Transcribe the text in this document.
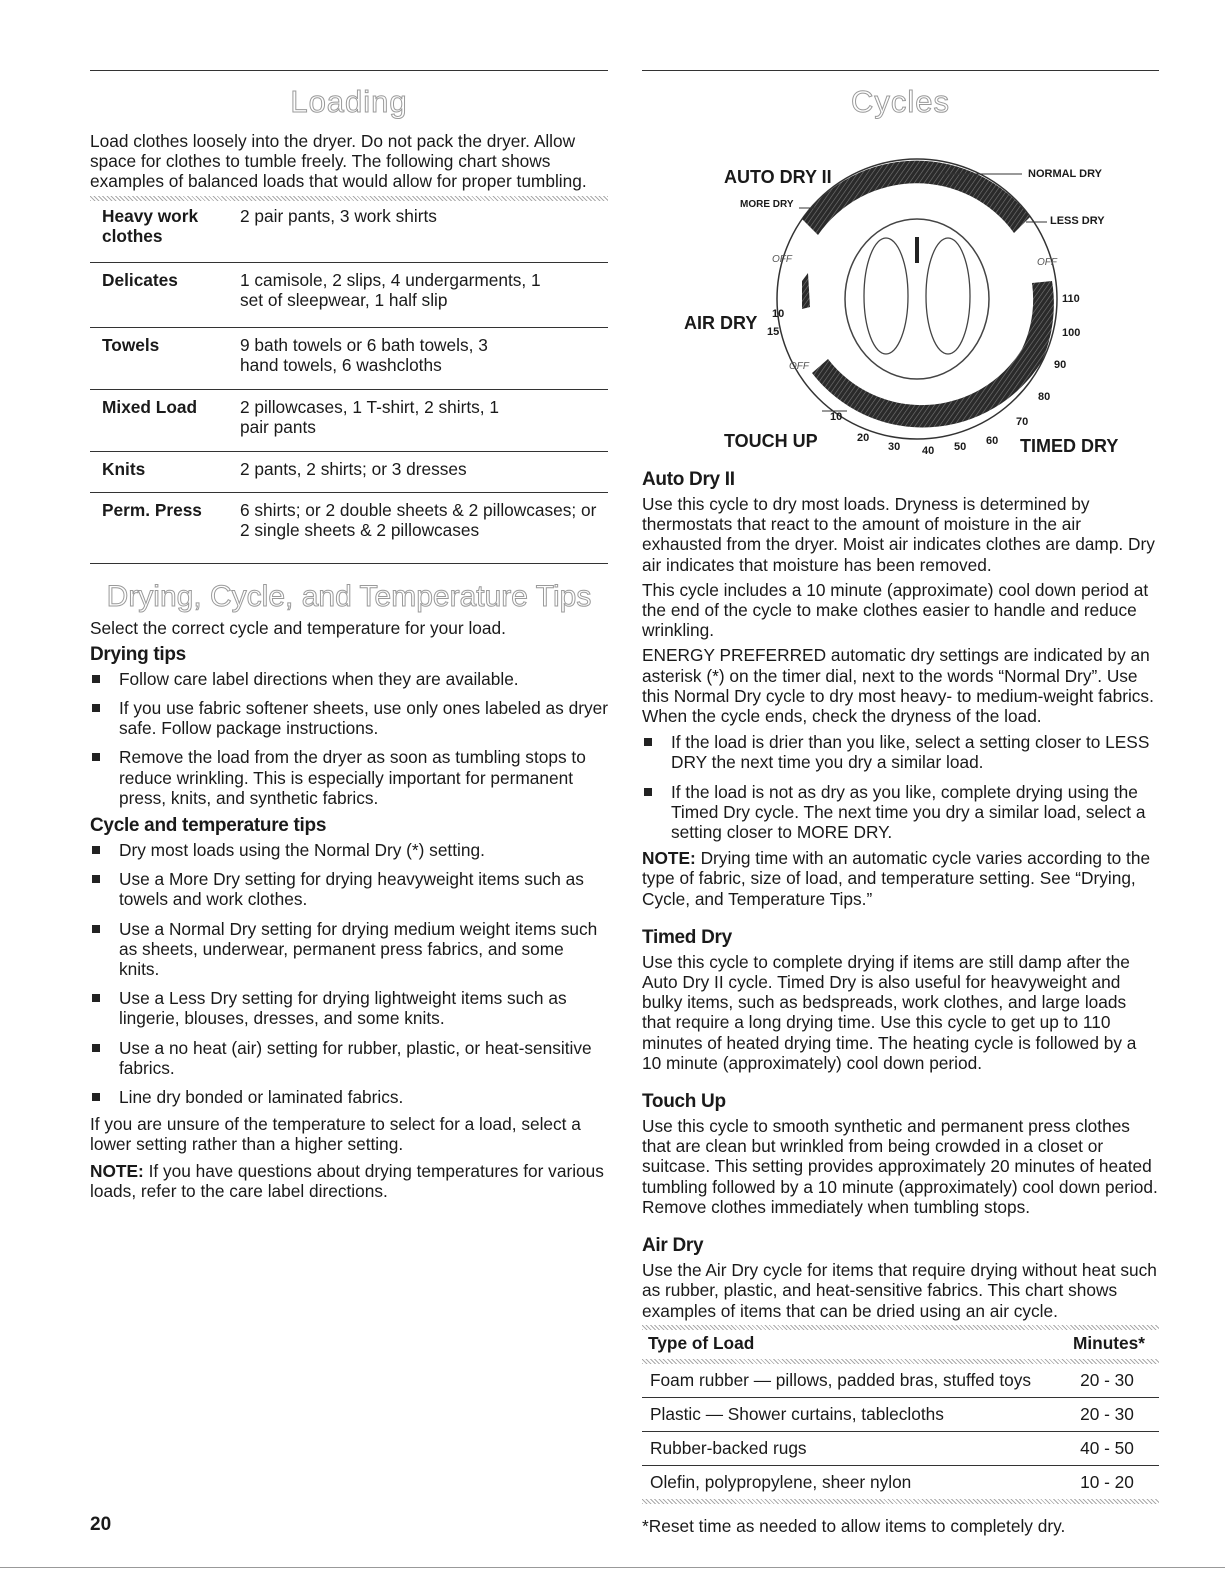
Loading

Load clothes loosely into the dryer. Do not pack the dryer. Allow space for clothes to tumble freely. The following chart shows examples of balanced loads that would allow for proper tumbling.

Heavy work clothes	2 pair pants, 3 work shirts
Delicates	1 camisole, 2 slips, 4 undergarments, 1 set of sleepwear, 1 half slip
Towels	9 bath towels or 6 bath towels, 3 hand towels, 6 washcloths
Mixed Load	2 pillowcases, 1 T-shirt, 2 shirts, 1 pair pants
Knits	2 pants, 2 shirts; or 3 dresses
Perm. Press	6 shirts; or 2 double sheets & 2 pillowcases; or 2 single sheets & 2 pillowcases
Drying, Cycle, and Temperature Tips

Select the correct cycle and temperature for your load.

Drying tips
Follow care label directions when they are available.
If you use fabric softener sheets, use only ones labeled as dryer safe. Follow package instructions.
Remove the load from the dryer as soon as tumbling stops to reduce wrinkling. This is especially important for permanent press, knits, and synthetic fabrics.
Cycle and temperature tips
Dry most loads using the Normal Dry (*) setting.
Use a More Dry setting for drying heavyweight items such as towels and work clothes.
Use a Normal Dry setting for drying medium weight items such as sheets, underwear, permanent press fabrics, and some knits.
Use a Less Dry setting for drying lightweight items such as lingerie, blouses, dresses, and some knits.
Use a no heat (air) setting for rubber, plastic, or heat-sensitive fabrics.
Line dry bonded or laminated fabrics.

If you are unsure of the temperature to select for a load, select a lower setting rather than a higher setting.

NOTE: If you have questions about drying temperatures for various loads, refer to the care label directions.

Cycles
AUTO DRY II
MORE DRY
NORMAL DRY
LESS DRY
OFF	OFF
OFF
AIR DRY 10
15
110
100
90
80
70
60
50
40
30
20
10
TOUCH UP	TIMED DRY
Auto Dry II

Use this cycle to dry most loads. Dryness is determined by thermostats that react to the amount of moisture in the air exhausted from the dryer. Moist air indicates clothes are damp. Dry air indicates that moisture has been removed.

This cycle includes a 10 minute (approximate) cool down period at the end of the cycle to make clothes easier to handle and reduce wrinkling.

ENERGY PREFERRED automatic dry settings are indicated by an asterisk (*) on the timer dial, next to the words “Normal Dry”. Use this Normal Dry cycle to dry most heavy- to medium-weight fabrics. When the cycle ends, check the dryness of the load.

If the load is drier than you like, select a setting closer to LESS DRY the next time you dry a similar load.
If the load is not as dry as you like, complete drying using the Timed Dry cycle. The next time you dry a similar load, select a setting closer to MORE DRY.

NOTE: Drying time with an automatic cycle varies according to the type of fabric, size of load, and temperature setting. See “Drying, Cycle, and Temperature Tips.”

Timed Dry

Use this cycle to complete drying if items are still damp after the Auto Dry II cycle. Timed Dry is also useful for heavyweight and bulky items, such as bedspreads, work clothes, and large loads that require a long drying time. Use this cycle to get up to 110 minutes of heated drying time. The heating cycle is followed by a 10 minute (approximately) cool down period.

Touch Up

Use this cycle to smooth synthetic and permanent press clothes that are clean but wrinkled from being crowded in a closet or suitcase. This setting provides approximately 20 minutes of heated tumbling followed by a 10 minute (approximately) cool down period. Remove clothes immediately when tumbling stops.

Air Dry

Use the Air Dry cycle for items that require drying without heat such as rubber, plastic, and heat-sensitive fabrics. This chart shows examples of items that can be dried using an air cycle.

Type of Load	Minutes*

Foam rubber — pillows, padded bras, stuffed toys	20 - 30
Plastic — Shower curtains, tablecloths	20 - 30
Rubber-backed rugs	40 - 50
Olefin, polypropylene, sheer nylon	10 - 20

*Reset time as needed to allow items to completely dry.

20
